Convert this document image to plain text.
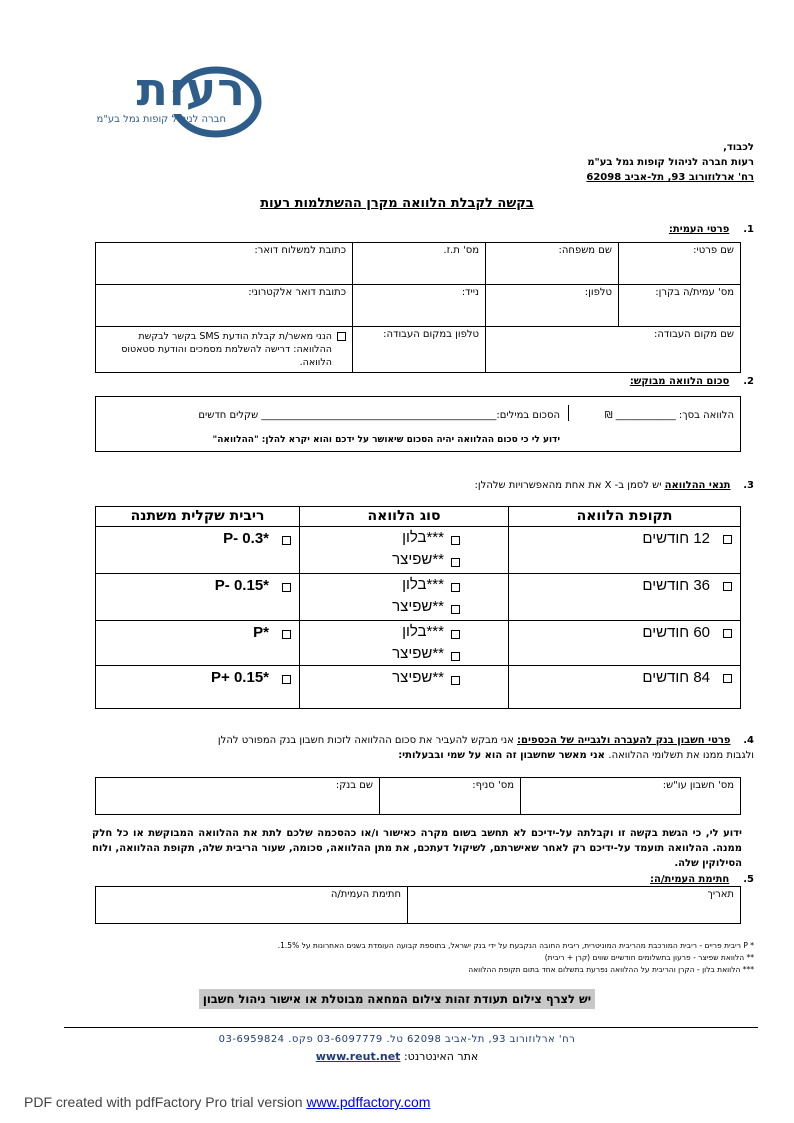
רעות
חברה לניהול קופות גמל בע"מ
לכבוד,
רעות חברה לניהול קופות גמל בע"מ
רח' ארלוזורוב 93, תל-אביב 62098
בקשה לקבלת הלוואה מקרן ההשתלמות רעות
1.    פרטי העמית:
שם פרטי:
שם משפחה:
מס' ת.ז.
כתובת למשלוח דואר:
מס' עמית/ה בקרן:
טלפון:
נייד:
כתובת דואר אלקטרוני:
שם מקום העבודה:
טלפון במקום העבודה:
הנני מאשר/ת קבלת הודעת SMS בקשר לבקשת ההלוואה: דרישה להשלמת מסמכים והודעת סטאטוס הלוואה.
2.    סכום הלוואה מבוקש:
הלוואה בסך: ____________ ₪
הסכום במילים:_______________________________________________ שקלים חדשים
ידוע לי כי סכום ההלוואה יהיה הסכום שיאושר על ידכם והוא יקרא להלן: "ההלוואה"
3.    תנאי ההלוואה יש לסמן ב- X את אחת מהאפשרויות שלהלן:
תקופת הלוואה
סוג הלוואה
ריבית שקלית משתנה
12 חודשים
***בלון
**שפיצר
P- 0.3*
36 חודשים
***בלון
**שפיצר
P- 0.15*
60 חודשים
***בלון
**שפיצר
P*
84 חודשים
**שפיצר
P+ 0.15*
4.    פרטי חשבון בנק להעברה ולגבייה של הכספים: אני מבקש להעביר את סכום ההלוואה לזכות חשבון בנק המפורט להלן
ולגבות ממנו את תשלומי ההלוואה. אני מאשר שחשבון זה הוא על שמי ובבעלותי:
מס' חשבון עו"ש:
מס' סניף:
שם בנק:
ידוע לי, כי הגשת בקשה זו וקבלתה על-ידיכם לא תחשב בשום מקרה כאישור ו/או כהסכמה שלכם לתת את ההלוואה המבוקשת או כל חלק ממנה. ההלוואה תועמד על-ידיכם רק לאחר שאישרתם, לשיקול דעתכם, את מתן ההלוואה, סכומה, שעור הריבית שלה, תקופת ההלוואה, ולוח הסילוקין שלה.
5.    חתימת העמית/ה:
תאריך
חתימת העמית/ה
* P ריבית פריים - ריבית המורכבת מהריבית המוניטרית, ריבית החובה הנקבעת על ידי בנק ישראל, בתוספת קבועה העומדת בשנים האחרונות על 1.5%.
** הלוואת שפיצר - פרעון בתשלומים חודשיים שווים (קרן + ריבית)
*** הלוואת בלון - הקרן והריבית על ההלוואה נפרעת בתשלום אחד בתום תקופת ההלוואה
יש לצרף צילום תעודת זהות צילום המחאה מבוטלת או אישור ניהול חשבון
רח' ארלוזורוב 93, תל-אביב 62098 טל. 03-6097779 פקס. 03-6959824
אתר האינטרנט: www.reut.net
PDF created with pdfFactory Pro trial version www.pdffactory.com
